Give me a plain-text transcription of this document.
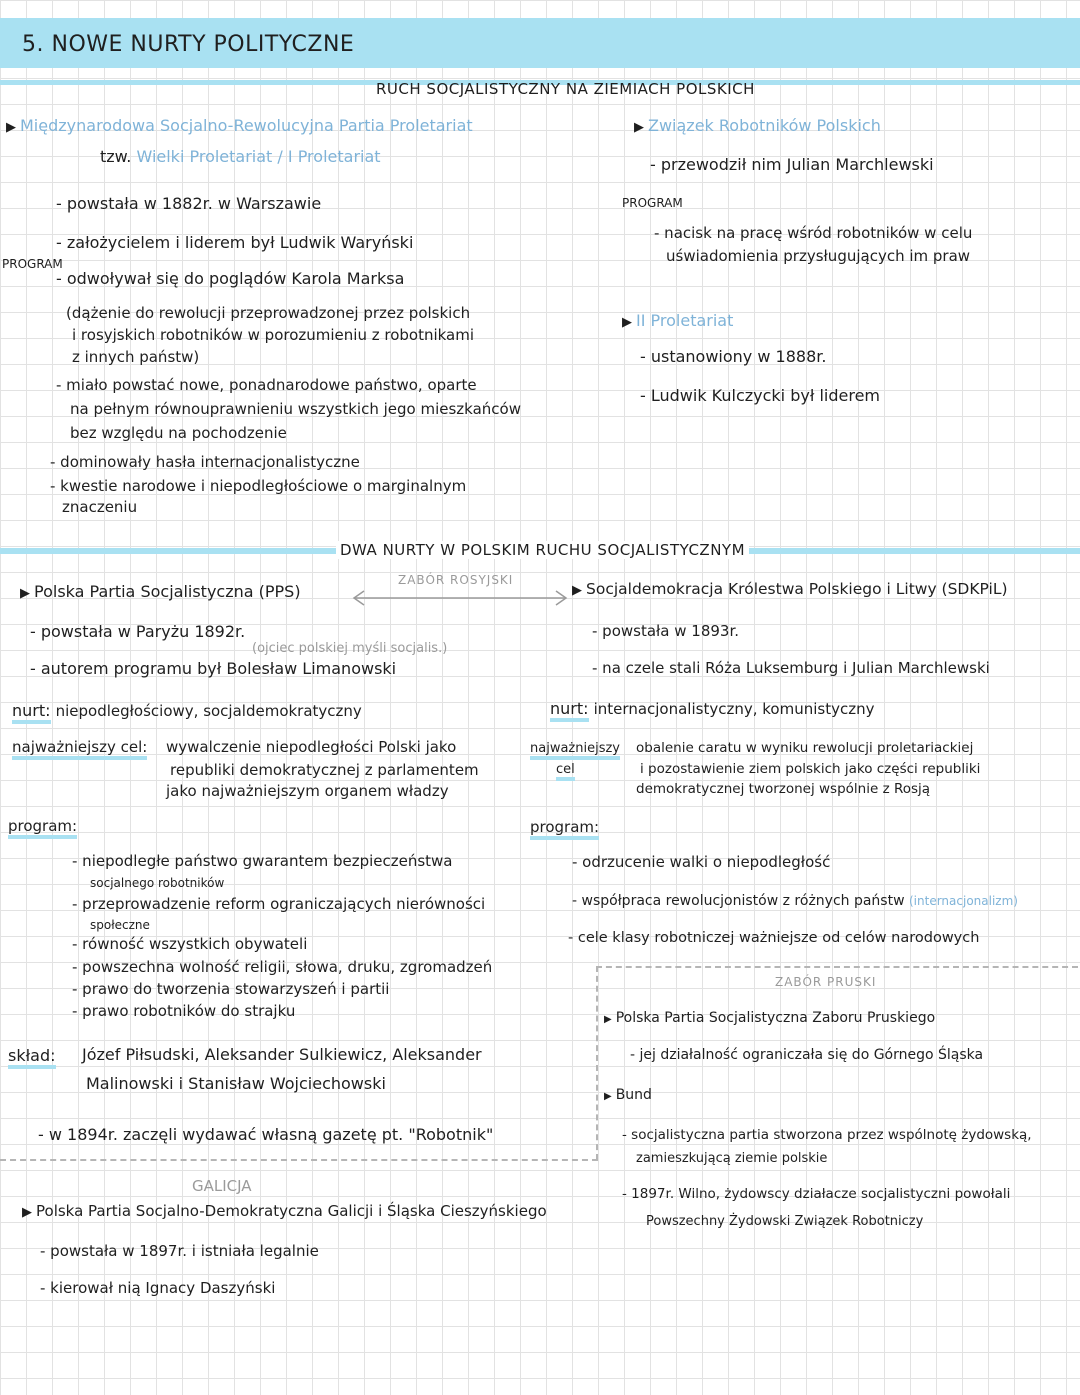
5. NOWE NURTY POLITYCZNE
RUCH SOCJALISTYCZNY NA ZIEMIACH POLSKICH
▶ Międzynarodowa Socjalno-Rewolucyjna Partia Proletariat
tzw. Wielki Proletariat / I Proletariat
- powstała w 1882r. w Warszawie
- założycielem i liderem był Ludwik Waryński
PROGRAM
- odwoływał się do poglądów Karola Marksa
(dążenie do rewolucji przeprowadzonej przez polskich
i rosyjskich robotników w porozumieniu z robotnikami
z innych państw)
- miało powstać nowe, ponadnarodowe państwo, oparte
na pełnym równouprawnieniu wszystkich jego mieszkańców
bez względu na pochodzenie
- dominowały hasła internacjonalistyczne
- kwestie narodowe i niepodległościowe o marginalnym
znaczeniu
▶ Związek Robotników Polskich
- przewodził nim Julian Marchlewski
PROGRAM
- nacisk na pracę wśród robotników w celu
uświadomienia przysługujących im praw
▶ II Proletariat
- ustanowiony w 1888r.
- Ludwik Kulczycki był liderem
DWA NURTY W POLSKIM RUCHU SOCJALISTYCZNYM
ZABÓR ROSYJSKI
▶ Polska Partia Socjalistyczna (PPS)
- powstała w Paryżu 1892r.
(ojciec polskiej myśli socjalis.)
- autorem programu był Bolesław Limanowski
nurt: niepodległościowy, socjaldemokratyczny
najważniejszy cel: wywalczenie niepodległości Polski jako
republiki demokratycznej z parlamentem
jako najważniejszym organem władzy
program:
- niepodległe państwo gwarantem bezpieczeństwa
socjalnego robotników
- przeprowadzenie reform ograniczających nierówności
społeczne
- równość wszystkich obywateli
- powszechna wolność religii, słowa, druku, zgromadzeń
- prawo do tworzenia stowarzyszeń i partii
- prawo robotników do strajku
skład: Józef Piłsudski, Aleksander Sulkiewicz, Aleksander
Malinowski i Stanisław Wojciechowski
- w 1894r. zaczęli wydawać własną gazetę pt. "Robotnik"
▶ Socjaldemokracja Królestwa Polskiego i Litwy (SDKPiL)
- powstała w 1893r.
- na czele stali Róża Luksemburg i Julian Marchlewski
nurt: internacjonalistyczny, komunistyczny
najważniejszy
cel
obalenie caratu w wyniku rewolucji proletariackiej
i pozostawienie ziem polskich jako części republiki
demokratycznej tworzonej wspólnie z Rosją
program:
- odrzucenie walki o niepodległość
- współpraca rewolucjonistów z różnych państw (internacjonalizm)
- cele klasy robotniczej ważniejsze od celów narodowych
ZABÓR PRUSKI
▶ Polska Partia Socjalistyczna Zaboru Pruskiego
- jej działalność ograniczała się do Górnego Śląska
▶ Bund
- socjalistyczna partia stworzona przez wspólnotę żydowską,
zamieszkującą ziemie polskie
- 1897r. Wilno, żydowscy działacze socjalistyczni powołali
Powszechny Żydowski Związek Robotniczy
GALICJA
▶ Polska Partia Socjalno-Demokratyczna Galicji i Śląska Cieszyńskiego
- powstała w 1897r. i istniała legalnie
- kierował nią Ignacy Daszyński
